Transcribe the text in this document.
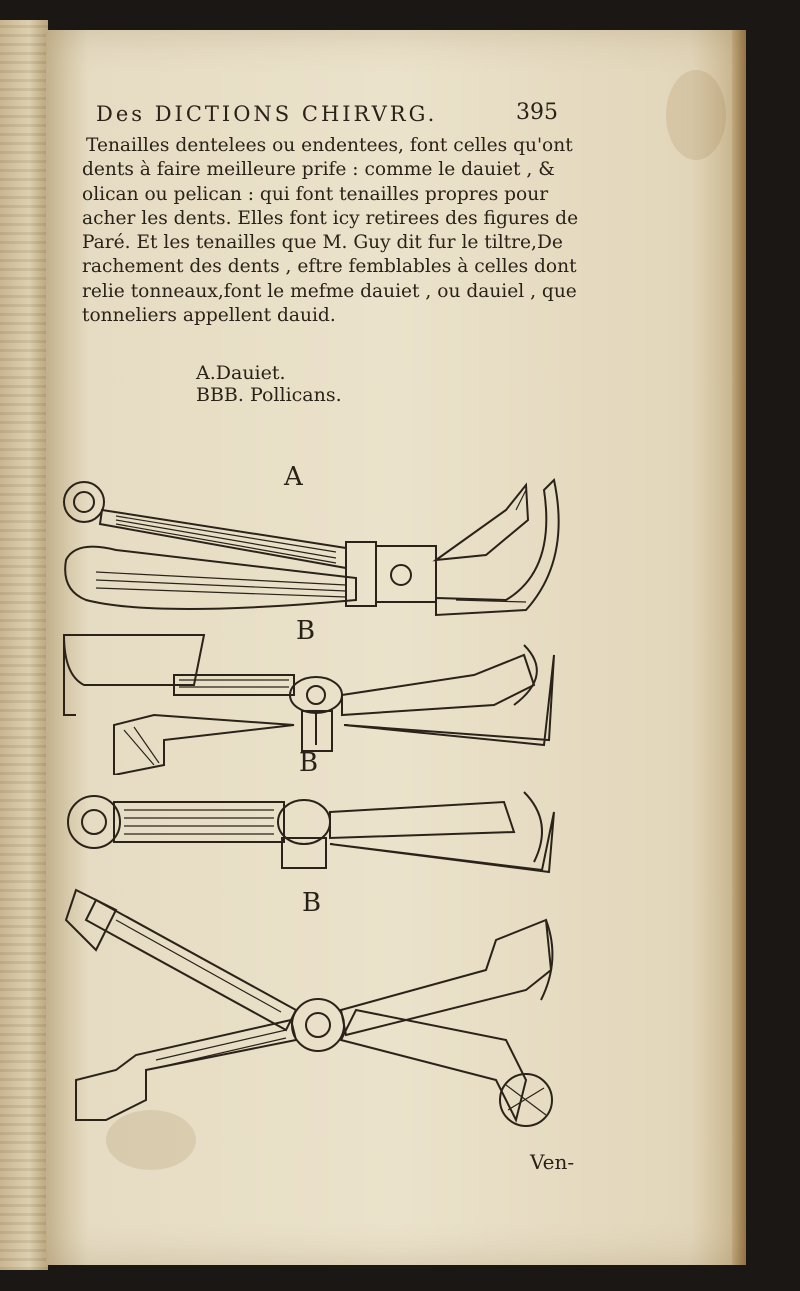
Des DICTIONS CHIRVRG.	395
Tenailles dentelees ou endentees, font celles qu'ont
dents à faire meilleure prife : comme le dauiet , &
olican ou pelican : qui font tenailles propres pour
acher les dents. Elles font icy retirees des figures de
Paré. Et les tenailles que M. Guy dit fur le tiltre,De
rachement des dents , eftre femblables à celles dont
relie tonneaux,font le mefme dauiet , ou dauiel , que
tonneliers appellent dauid.
A.Dauiet.
BBB. Pollicans.
A
B
B
B
Ven-
